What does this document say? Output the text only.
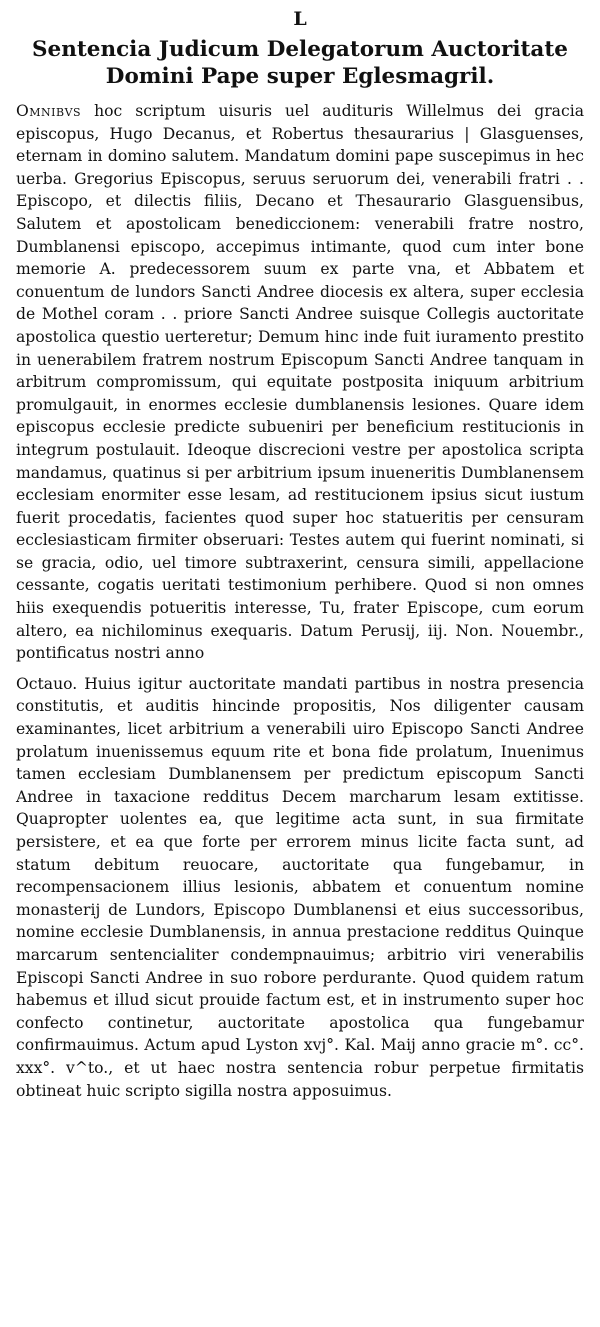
L
Sentencia Judicum Delegatorum Auctoritate
Domini Pape super Eglesmagril.
Omnibvs hoc scriptum uisuris uel audituris Willelmus dei gracia episcopus, Hugo Decanus, et Robertus thesaurarius | Glasguenses, eternam in domino salutem. Mandatum domini pape suscepimus in hec uerba. Gregorius Episcopus, seruus seruorum dei, venerabili fratri . . Episcopo, et dilectis filiis, Decano et Thesaurario Glasguensibus, Salutem et apostolicam benediccionem: venerabili fratre nostro, Dumblanensi episcopo, accepimus intimante, quod cum inter bone memorie A. predecessorem suum ex parte vna, et Abbatem et conuentum de lundors Sancti Andree diocesis ex altera, super ecclesia de Mothel coram . . priore Sancti Andree suisque Collegis auctoritate apostolica questio uerteretur; Demum hinc inde fuit iuramento prestito in uenerabilem fratrem nostrum Episcopum Sancti Andree tanquam in arbitrum compromissum, qui equitate postposita iniquum arbitrium promulgauit, in enormes ecclesie dumblanensis lesiones. Quare idem episcopus ecclesie predicte subueniri per beneficium restitucionis in integrum postulauit. Ideoque discrecioni vestre per apostolica scripta mandamus, quatinus si per arbitrium ipsum inueneritis Dumblanensem ecclesiam enormiter esse lesam, ad restitucionem ipsius sicut iustum fuerit procedatis, facientes quod super hoc statueritis per censuram ecclesiasticam firmiter obseruari: Testes autem qui fuerint nominati, si se gracia, odio, uel timore subtraxerint, censura simili, appellacione cessante, cogatis ueritati testimonium perhibere. Quod si non omnes hiis exequendis potueritis interesse, Tu, frater Episcope, cum eorum altero, ea nichilominus exequaris. Datum Perusij, iij. Non. Nouembr., pontificatus nostri anno
Octauo. Huius igitur auctoritate mandati partibus in nostra presencia constitutis, et auditis hincinde propositis, Nos diligenter causam examinantes, licet arbitrium a venerabili uiro Episcopo Sancti Andree prolatum inuenissemus equum rite et bona fide prolatum, Inuenimus tamen ecclesiam Dumblanensem per predictum episcopum Sancti Andree in taxacione redditus Decem marcharum lesam extitisse. Quapropter uolentes ea, que legitime acta sunt, in sua firmitate persistere, et ea que forte per errorem minus licite facta sunt, ad statum debitum reuocare, auctoritate qua fungebamur, in recompensacionem illius lesionis, abbatem et conuentum nomine monasterij de Lundors, Episcopo Dumblanensi et eius successoribus, nomine ecclesie Dumblanensis, in annua prestacione redditus Quinque marcarum sentencialiter condempnauimus; arbitrio viri venerabilis Episcopi Sancti Andree in suo robore perdurante. Quod quidem ratum habemus et illud sicut prouide factum est, et in instrumento super hoc confecto continetur, auctoritate apostolica qua fungebamur confirmauimus. Actum apud Lyston xvj°. Kal. Maij anno gracie m°. cc°. xxx°. v^to., et ut haec nostra sentencia robur perpetue firmitatis obtineat huic scripto sigilla nostra apposuimus.
